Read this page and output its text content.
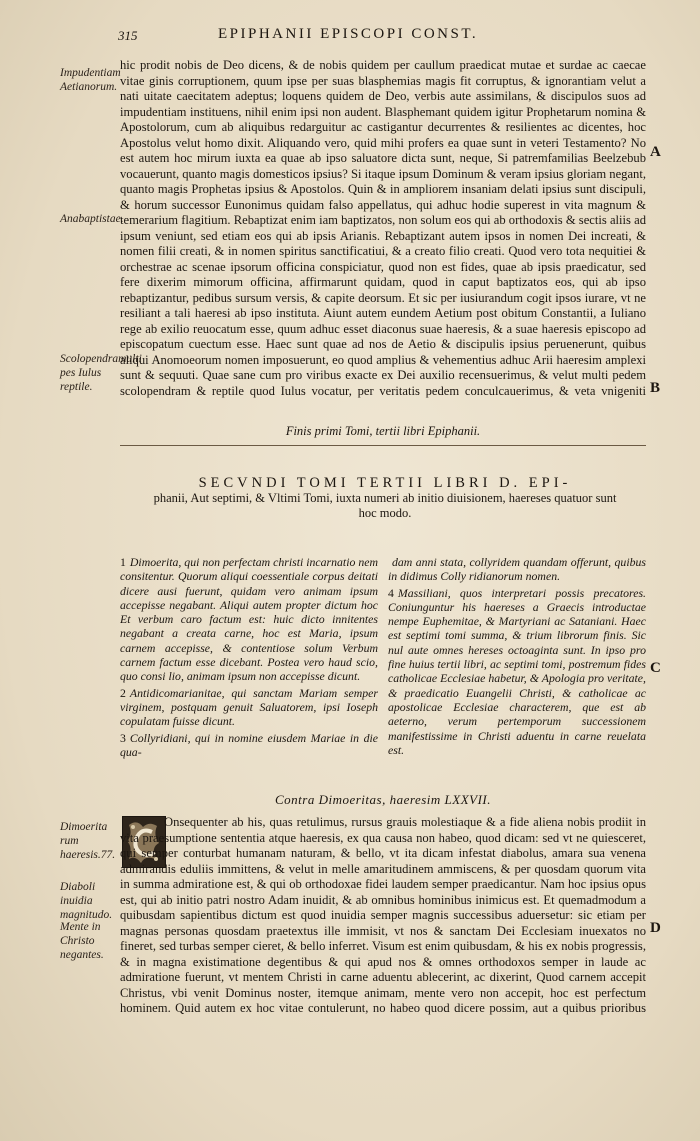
315	EPIPHANII EPISCOPI CONST.
Impudentiam Aetianorum.
Anabaptistae.
Scolopendramulti pes Iulus reptile.
Dimoerita rum haeresis.77.
Diaboli inuidia magnitudo.
Mente in Christo negantes.
A
B
C
D

hic prodit nobis de Deo dicens, & de nobis quidem per caullum praedicat mutae et surdae ac caecae vitae ginis corruptionem, quum ipse per suas blasphemias magis fit corruptus, & ignorantiam velut a nati uitate caecitatem adeptus; loquens quidem de Deo, verbis aute assimilans, & discipulos suos ad impudentiam instituens, nihil enim ipsi non audent. Blasphemant quidem igitur Prophetarum nomina & Apostolorum, cum ab aliquibus redarguitur ac castigantur decurrentes & resilientes ac dicentes, hoc Apostolus velut homo dixit. Aliquando vero, quid mihi profers ea quae sunt in veteri Testamento? No est autem hoc mirum iuxta ea quae ab ipso saluatore dicta sunt, neque, Si patremfamilias Beelzebub vocauerunt, quanto magis domesticos ipsius? Si itaque ipsum Dominum & veram ipsius gloriam negant, quanto magis Prophetas ipsius & Apostolos. Quin & in ampliorem insaniam delati ipsius sunt discipuli, & horum successor Eunonimus quidam falso appellatus, qui adhuc hodie superest in vita magnum & temerarium flagitium. Rebaptizat enim iam baptizatos, non solum eos qui ab orthodoxis & sectis aliis ad ipsum veniunt, sed etiam eos qui ab ipsis Arianis. Rebaptizant autem ipsos in nomen Dei increati, & nomen filii creati, & in nomen spiritus sanctificatiui, & a creato filio creati. Quod vero tota nequitiei & orchestrae ac scenae ipsorum officina conspiciatur, quod non est fides, quae ab ipsis praedicatur, sed fere dixerim mimorum officina, affirmarunt quidam, quod in caput baptizatos eos, qui ab ipso rebaptizantur, pedibus sursum versis, & capite deorsum. Et sic per iusiurandum cogit ipsos iurare, vt ne resiliant a tali haeresi ab ipso instituta. Aiunt autem eundem Aetium post obitum Constantii, a Iuliano rege ab exilio reuocatum esse, quum adhuc esset diaconus suae haeresis, & a suae haeresis episcopo ad episcopatum cuectum esse. Haec sunt quae ad nos de Aetio & discipulis ipsius peruenerunt, quibus aliqui Anomoeorum nomen imposuerunt, eo quod amplius & vehementius adhuc Arii haeresim amplexi sunt & sequuti. Quae sane cum pro viribus exacte ex Dei auxilio recensuerimus, & velut multi pedem scolopendram & reptile quod Iulus vocatur, per veritatis pedem conculcauerimus, & veta vnigeniti

Finis primi Tomi, tertii libri Epiphanii.
SECVNDI TOMI TERTII LIBRI D. EPI-
phanii, Aut septimi, & Vltimi Tomi, iuxta numeri ab initio diuisionem, haereses quatuor sunt hoc modo.

1 Dimoerita, qui non perfectam christi incarnatio nem consitentur. Quorum aliqui coessentiale corpus deitati dicere ausi fuerunt, quidam vero animam ipsum accepisse negabant. Aliqui autem propter dictum hoc Et verbum caro factum est: huic dicto innitentes negabant a creata carne, hoc est Maria, ipsum carnem accepisse, & contentiose solum Verbum carnem factum esse dicebant. Postea vero haud scio, quo consi lio, animam ipsum non accepisse dicunt.

2 Antidicomarianitae, qui sanctam Mariam semper virginem, postquam genuit Saluatorem, ipsi Ioseph copulatam fuisse dicunt.

3 Collyridiani, qui in nomine eiusdem Mariae in die qua-

dam anni stata, collyridem quandam offerunt, quibus in didimus Colly ridianorum nomen.

4 Massiliani, quos interpretari possis precatores. Coniunguntur his haereses a Graecis introductae nempe Euphemitae, & Martyriani ac Sataniani. Haec est septimi tomi summa, & trium librorum finis. Sic nul aute omnes hereses octoaginta sunt. In ipso pro fine huius tertii libri, ac septimi tomi, postremum fides catholicae Ecclesiae habetur, & Apologia pro veritate, & praedicatio Euangelii Christi, & catholicae ac apostolicae Ecclesiae characterem, que est ab aeterno, verum pertemporum successionem manifestissime in Christi aduentu in carne reuelata est.

Contra Dimoeritas, haeresim LXXVII.

Onsequenter ab his, quas retulimus, rursus grauis molestiaque & a fide aliena nobis prodiit in vita praesumptione sententia atque haeresis, ex qua causa non habeo, quod dicam: sed vt ne quiesceret, qui semper conturbat humanam naturam, & bello, vt ita dicam infestat diabolus, amara sua venena admirandis eduliis immittens, & velut in melle amaritudinem ammiscens, & per quosdam quorum vita in summa admiratione est, & qui ob orthodoxae fidei laudem semper praedicantur. Nam hoc ipsius opus est, qui ab initio patri nostro Adam inuidit, & ab omnibus hominibus inimicus est. Et quemadmodum a quibusdam sapientibus dictum est quod inuidia semper magnis successibus aduersetur: sic etiam per magnas personas quosdam praetextus ille immisit, vt nos & sanctam Dei Ecclesiam inuexatos no fineret, sed turbas semper cieret, & bello inferret. Visum est enim quibusdam, & his ex nobis progressis, & in magna existimatione degentibus & qui apud nos & omnes orthodoxos semper in laude ac admiratione fuerunt, vt mentem Christi in carne aduentu ablecerint, ac dixerint, Quod carnem accepit Christus, vbi venit Dominus noster, itemque animam, mente vero non accepit, hoc est perfectum hominem. Quid autem ex hoc vitae contulerunt, no habeo quod dicere possim, aut a quibus prioribus
